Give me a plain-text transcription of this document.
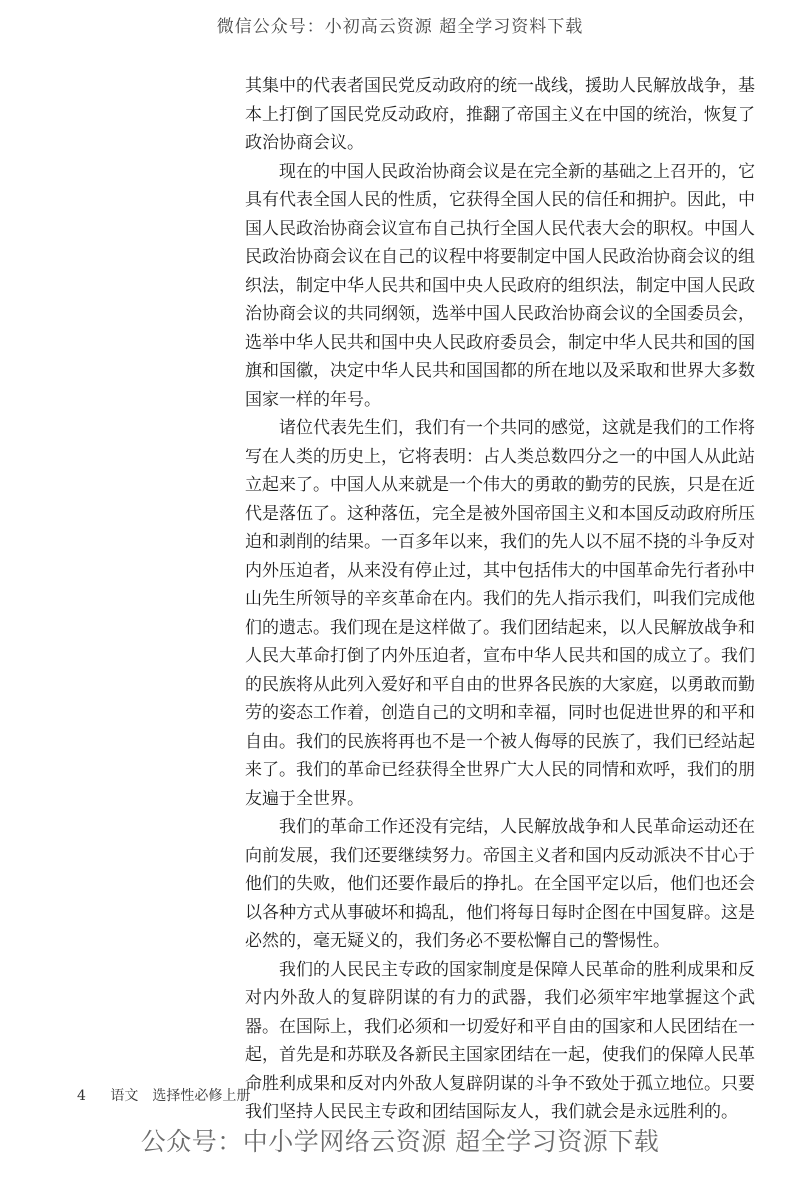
微信公众号：小初高云资源 超全学习资料下载

其集中的代表者国民党反动政府的统一战线，援助人民解放战争，基本上打倒了国民党反动政府，推翻了帝国主义在中国的统治，恢复了政治协商会议。

现在的中国人民政治协商会议是在完全新的基础之上召开的，它具有代表全国人民的性质，它获得全国人民的信任和拥护。因此，中国人民政治协商会议宣布自己执行全国人民代表大会的职权。中国人民政治协商会议在自己的议程中将要制定中国人民政治协商会议的组织法，制定中华人民共和国中央人民政府的组织法，制定中国人民政治协商会议的共同纲领，选举中国人民政治协商会议的全国委员会，选举中华人民共和国中央人民政府委员会，制定中华人民共和国的国旗和国徽，决定中华人民共和国国都的所在地以及采取和世界大多数国家一样的年号。

诸位代表先生们，我们有一个共同的感觉，这就是我们的工作将写在人类的历史上，它将表明：占人类总数四分之一的中国人从此站立起来了。中国人从来就是一个伟大的勇敢的勤劳的民族，只是在近代是落伍了。这种落伍，完全是被外国帝国主义和本国反动政府所压迫和剥削的结果。一百多年以来，我们的先人以不屈不挠的斗争反对内外压迫者，从来没有停止过，其中包括伟大的中国革命先行者孙中山先生所领导的辛亥革命在内。我们的先人指示我们，叫我们完成他们的遗志。我们现在是这样做了。我们团结起来，以人民解放战争和人民大革命打倒了内外压迫者，宣布中华人民共和国的成立了。我们的民族将从此列入爱好和平自由的世界各民族的大家庭，以勇敢而勤劳的姿态工作着，创造自己的文明和幸福，同时也促进世界的和平和自由。我们的民族将再也不是一个被人侮辱的民族了，我们已经站起来了。我们的革命已经获得全世界广大人民的同情和欢呼，我们的朋友遍于全世界。

我们的革命工作还没有完结，人民解放战争和人民革命运动还在向前发展，我们还要继续努力。帝国主义者和国内反动派决不甘心于他们的失败，他们还要作最后的挣扎。在全国平定以后，他们也还会以各种方式从事破坏和捣乱，他们将每日每时企图在中国复辟。这是必然的，毫无疑义的，我们务必不要松懈自己的警惕性。

我们的人民民主专政的国家制度是保障人民革命的胜利成果和反对内外敌人的复辟阴谋的有力的武器，我们必须牢牢地掌握这个武器。在国际上，我们必须和一切爱好和平自由的国家和人民团结在一起，首先是和苏联及各新民主国家团结在一起，使我们的保障人民革命胜利成果和反对内外敌人复辟阴谋的斗争不致处于孤立地位。只要我们坚持人民民主专政和团结国际友人，我们就会是永远胜利的。

4 语文　选择性必修上册
公众号：中小学网络云资源 超全学习资源下载
